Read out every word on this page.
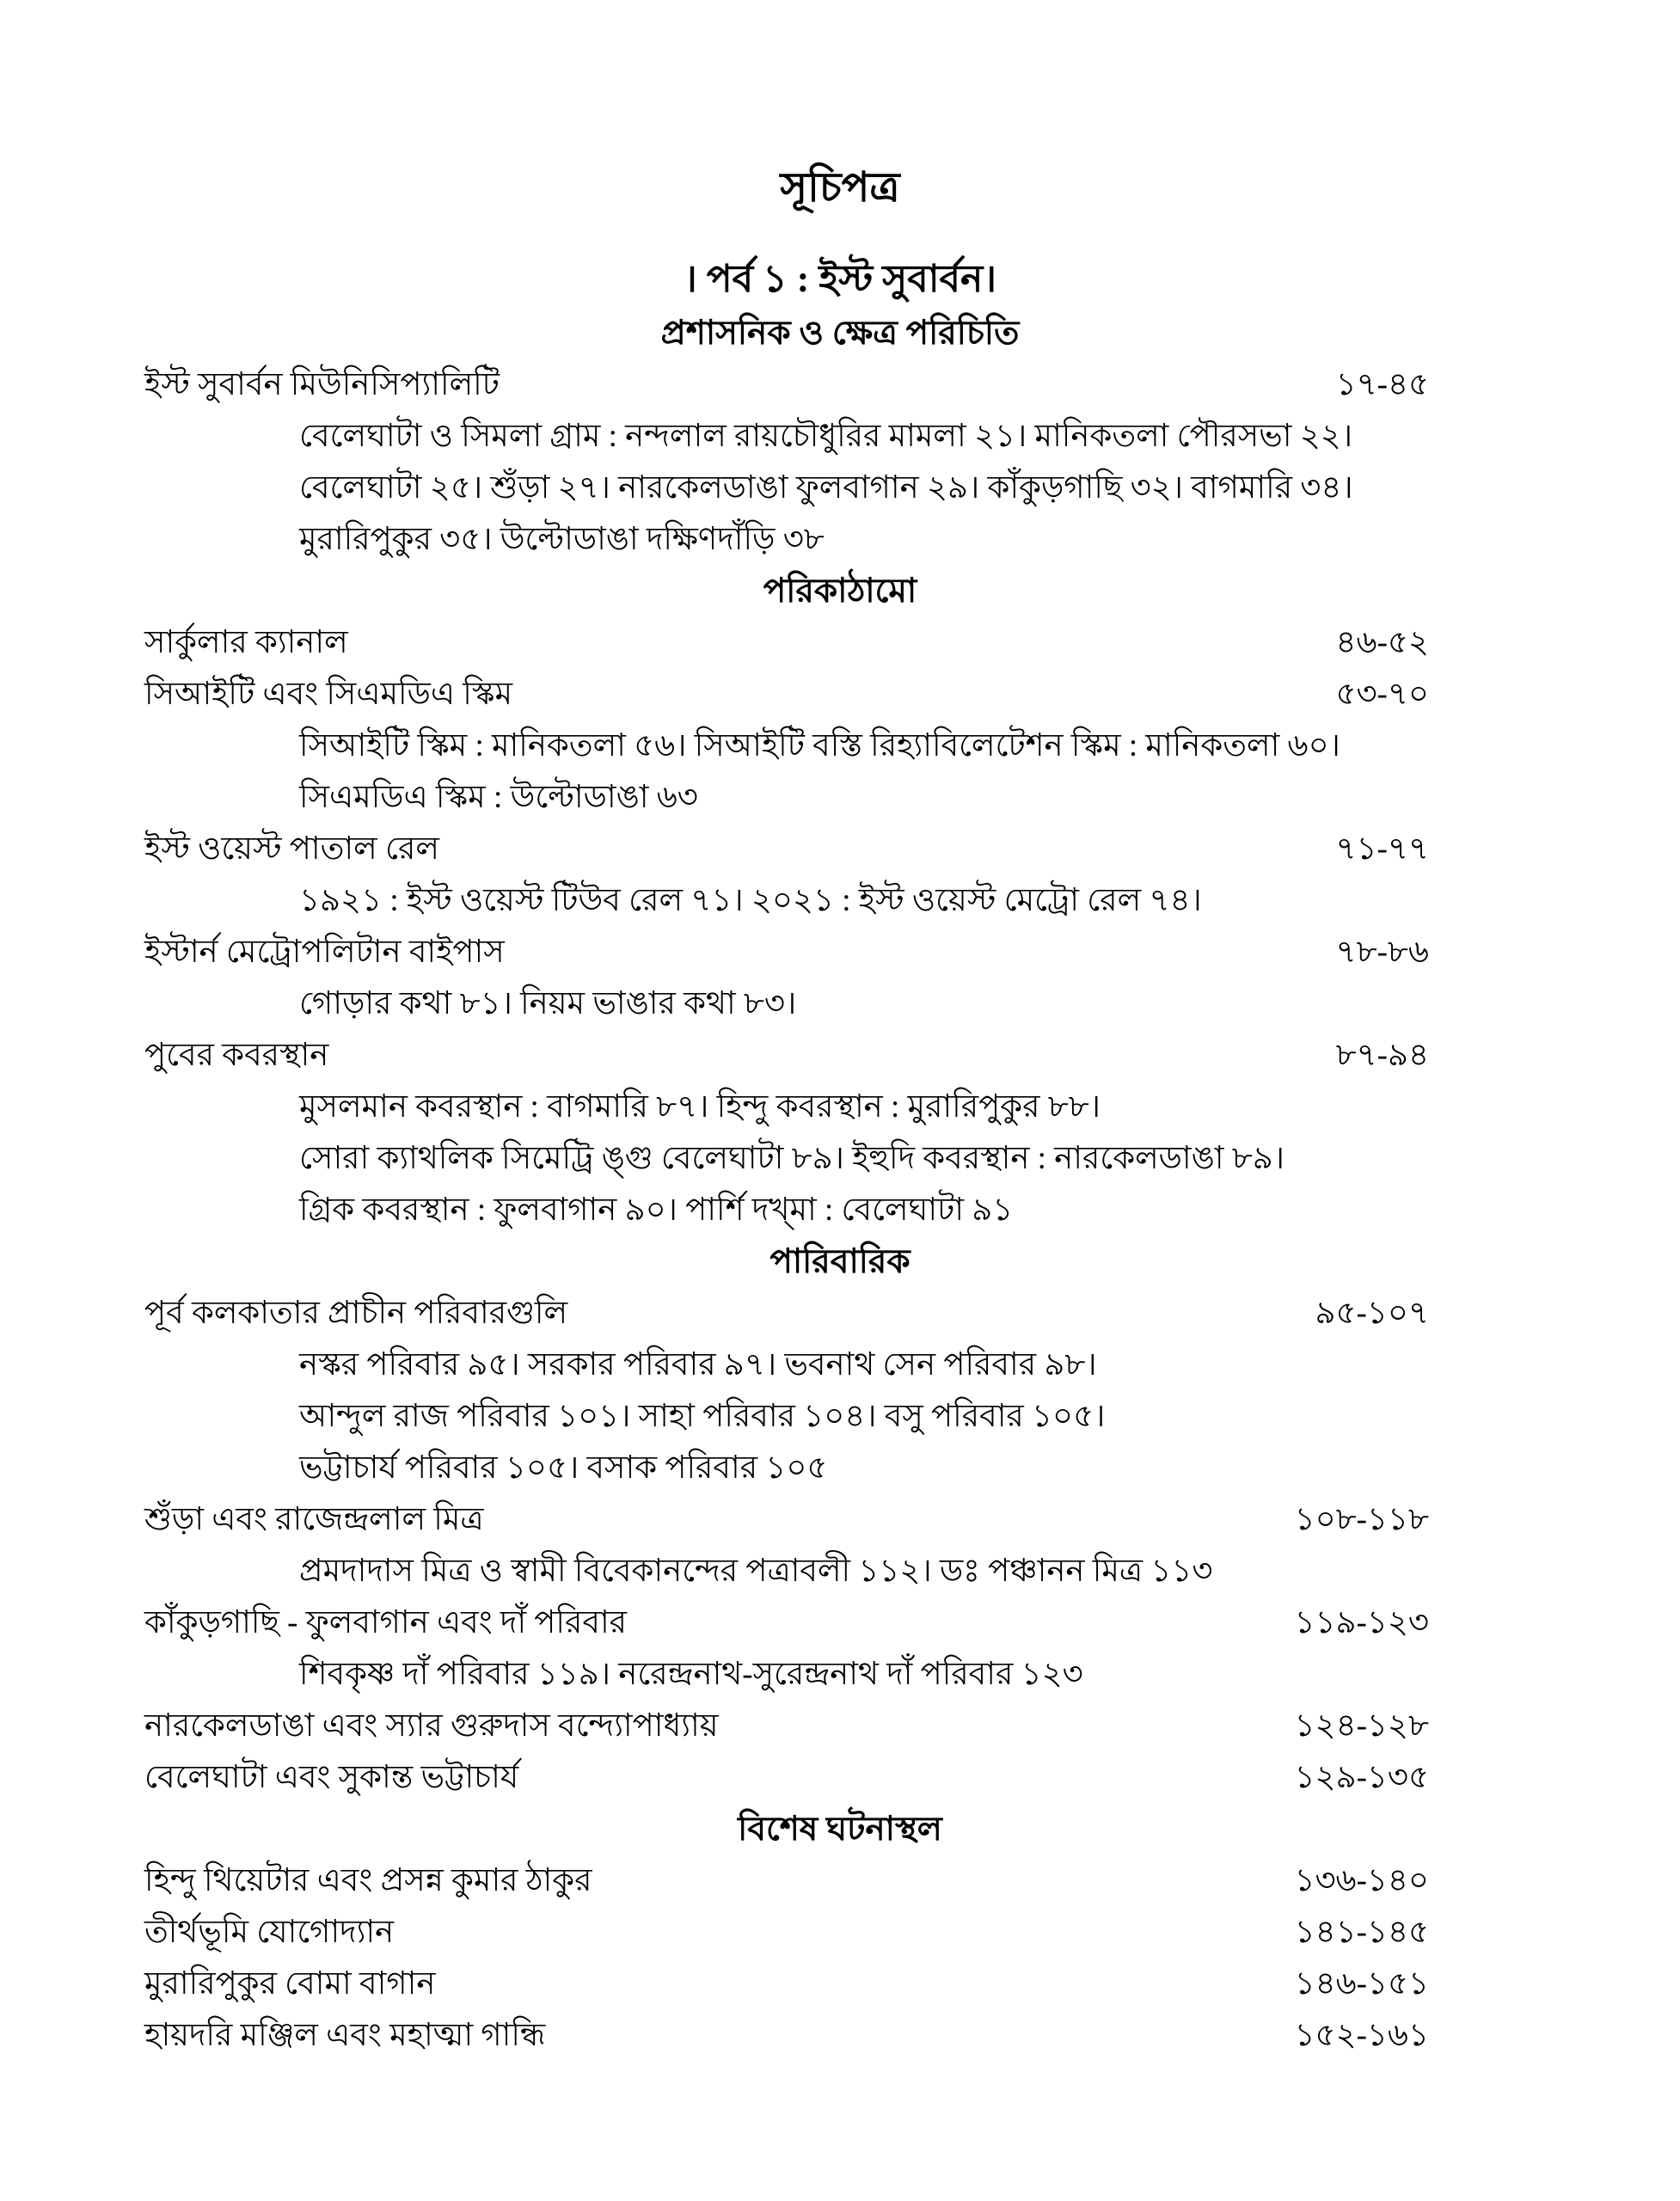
সূচিপত্র
। পর্ব ১ : ইস্ট সুবার্বন।
প্রশাসনিক ও ক্ষেত্র পরিচিতি
ইস্ট সুবার্বন মিউনিসিপ্যালিটি	১৭-৪৫
বেলেঘাটা ও সিমলা গ্রাম : নন্দলাল রায়চৌধুরির মামলা ২১। মানিকতলা পৌরসভা ২২।
বেলেঘাটা ২৫। শুঁড়া ২৭। নারকেলডাঙা ফুলবাগান ২৯। কাঁকুড়গাছি ৩২। বাগমারি ৩৪।
মুরারিপুকুর ৩৫। উল্টোডাঙা দক্ষিণদাঁড়ি ৩৮
পরিকাঠামো
সার্কুলার ক্যানাল	৪৬-৫২
সিআইটি এবং সিএমডিএ স্কিম	৫৩-৭০
সিআইটি স্কিম : মানিকতলা ৫৬। সিআইটি বস্তি রিহ্যাবিলেটেশন স্কিম : মানিকতলা ৬০।
সিএমডিএ স্কিম : উল্টোডাঙা ৬৩
ইস্ট ওয়েস্ট পাতাল রেল	৭১-৭৭
১৯২১ : ইস্ট ওয়েস্ট টিউব রেল ৭১। ২০২১ : ইস্ট ওয়েস্ট মেট্রো রেল ৭৪।
ইস্টার্ন মেট্রোপলিটান বাইপাস	৭৮-৮৬
গোড়ার কথা ৮১। নিয়ম ভাঙার কথা ৮৩।
পুবের কবরস্থান	৮৭-৯৪
মুসলমান কবরস্থান : বাগমারি ৮৭। হিন্দু কবরস্থান : মুরারিপুকুর ৮৮।
সোরা ক্যাথলিক সিমেট্রি ঙ্গু বেলেঘাটা ৮৯। ইহুদি কবরস্থান : নারকেলডাঙা ৮৯।
গ্রিক কবরস্থান : ফুলবাগান ৯০। পার্শি দখ্মা : বেলেঘাটা ৯১
পারিবারিক
পূর্ব কলকাতার প্রাচীন পরিবারগুলি	৯৫-১০৭
নস্কর পরিবার ৯৫। সরকার পরিবার ৯৭। ভবনাথ সেন পরিবার ৯৮।
আন্দুল রাজ পরিবার ১০১। সাহা পরিবার ১০৪। বসু পরিবার ১০৫।
ভট্টাচার্য পরিবার ১০৫। বসাক পরিবার ১০৫
শুঁড়া এবং রাজেন্দ্রলাল মিত্র	১০৮-১১৮
প্রমদাদাস মিত্র ও স্বামী বিবেকানন্দের পত্রাবলী ১১২। ডঃ পঞ্চানন মিত্র ১১৩
কাঁকুড়গাছি - ফুলবাগান এবং দাঁ পরিবার	১১৯-১২৩
শিবকৃষ্ণ দাঁ পরিবার ১১৯। নরেন্দ্রনাথ-সুরেন্দ্রনাথ দাঁ পরিবার ১২৩
নারকেলডাঙা এবং স্যার গুরুদাস বন্দ্যোপাধ্যায়	১২৪-১২৮
বেলেঘাটা এবং সুকান্ত ভট্টাচার্য	১২৯-১৩৫
বিশেষ ঘটনাস্থল
হিন্দু থিয়েটার এবং প্রসন্ন কুমার ঠাকুর	১৩৬-১৪০
তীর্থভূমি যোগোদ্যান	১৪১-১৪৫
মুরারিপুকুর বোমা বাগান	১৪৬-১৫১
হায়দরি মঞ্জিল এবং মহাত্মা গান্ধি	১৫২-১৬১
